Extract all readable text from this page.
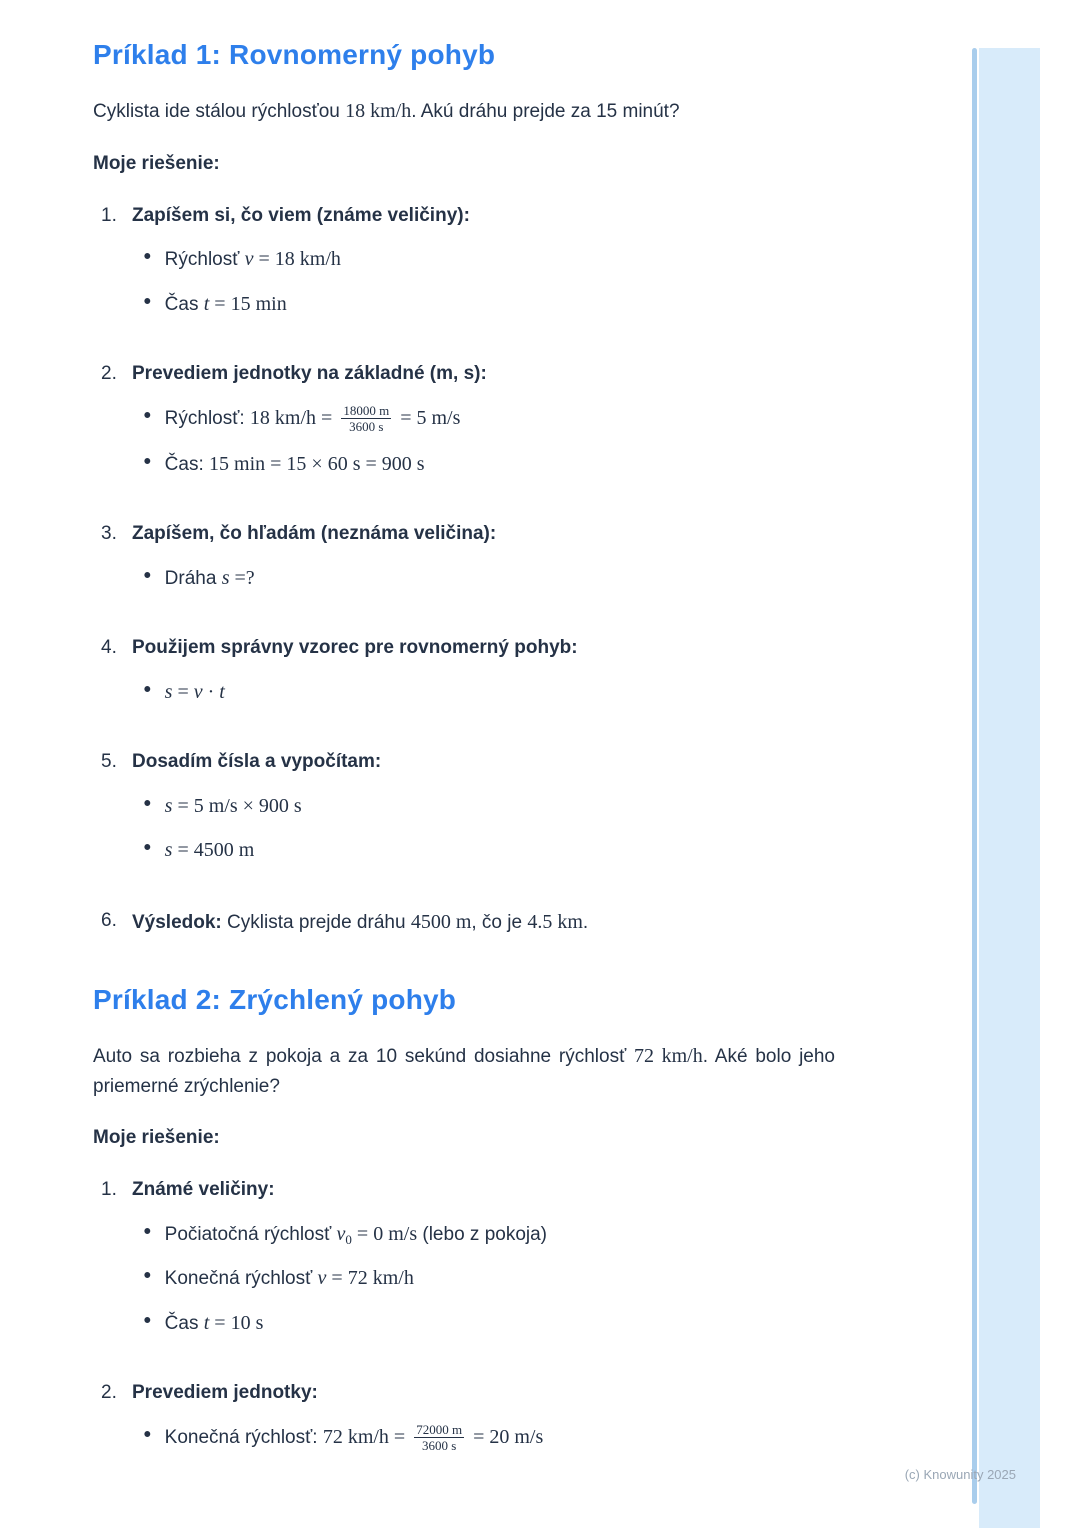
Príklad 1: Rovnomerný pohyb

Cyklista ide stálou rýchlosťou 18 km/h. Akú dráhu prejde za 15 minút?

Moje riešenie:

1. Zapíšem si, čo viem (známe veličiny):
• Rýchlosť v = 18 km/h
• Čas t = 15 min
2. Prevediem jednotky na základné (m, s):
• Rýchlosť: 18 $km/h = \frac{18000 m}{3600 s} = 5$ m/s
• Čas: 15 min = 15 × 60 s = 900 s
3. Zapíšem, čo hľadám (neznáma veličina):
• Dráha s =?
4. Použijem správny vzorec pre rovnomerný pohyb:
• s = v · t
5. Dosadím čísla a vypočítam:
• s = 5 m/s × 900 s
• s = 4500 m
6. Výsledok: Cyklista prejde dráhu 4500 m, čo je 4.5 km.
Príklad 2: Zrýchlený pohyb

Auto sa rozbieha z pokoja a za 10 sekúnd dosiahne rýchlosť 72 km/h. Aké bolo jeho priemerné zrýchlenie?

Moje riešenie:

1. Známé veličiny:
• Počiatočná rýchlosť $v_0 = 0$ m/s (lebo z pokoja)
• Konečná rýchlosť v = 72 km/h
• Čas t = 10 s
2. Prevediem jednotky:
• Konečná rýchlosť: 72 $km/h = \frac{72000 m}{3600 s} = 20$ m/s
(c) Knowunity 2025
